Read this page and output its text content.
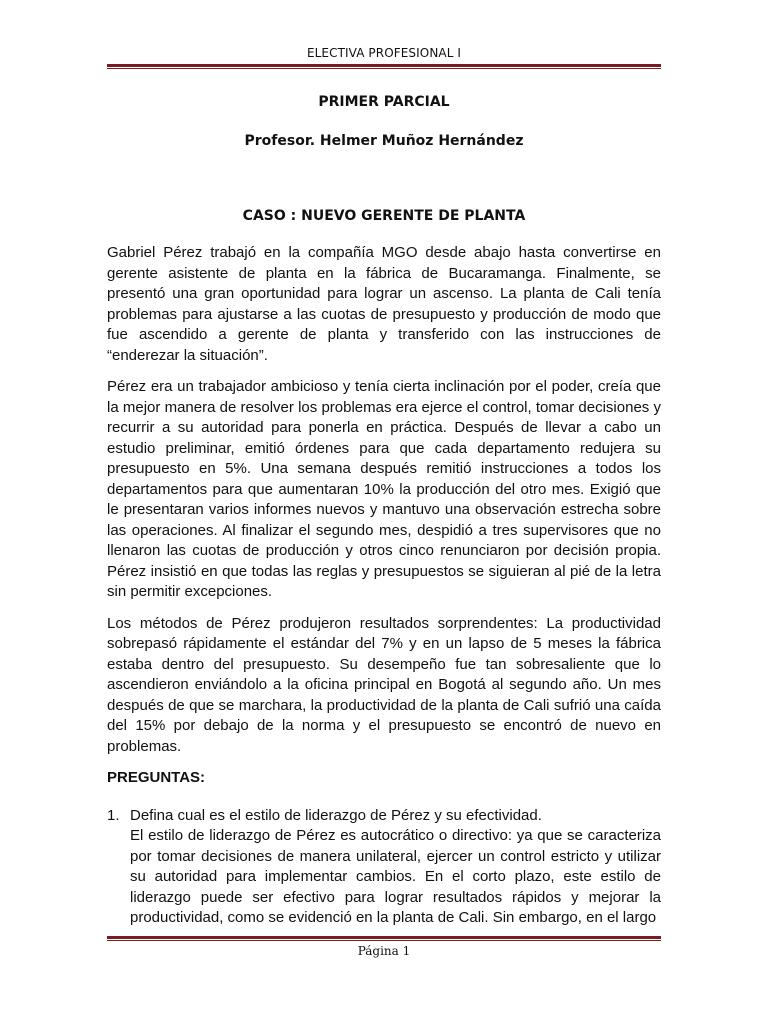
ELECTIVA PROFESIONAL I
PRIMER PARCIAL
Profesor. Helmer Muñoz Hernández
CASO : NUEVO GERENTE DE PLANTA

Gabriel Pérez trabajó en la compañía MGO desde abajo hasta convertirse en gerente asistente de planta en la fábrica de Bucaramanga. Finalmente, se presentó una gran oportunidad para lograr un ascenso. La planta de Cali tenía problemas para ajustarse a las cuotas de presupuesto y producción de modo que fue ascendido a gerente de planta y transferido con las instrucciones de “enderezar la situación”.

Pérez era un trabajador ambicioso y tenía cierta inclinación por el poder, creía que la mejor manera de resolver los problemas era ejerce el control, tomar decisiones y recurrir a su autoridad para ponerla en práctica. Después de llevar a cabo un estudio preliminar, emitió órdenes para que cada departamento redujera su presupuesto en 5%. Una semana después remitió instrucciones a todos los departamentos para que aumentaran 10% la producción del otro mes. Exigió que le presentaran varios informes nuevos y mantuvo una observación estrecha sobre las operaciones. Al finalizar el segundo mes, despidió a tres supervisores que no llenaron las cuotas de producción y otros cinco renunciaron por decisión propia. Pérez insistió en que todas las reglas y presupuestos se siguieran al pié de la letra sin permitir excepciones.

Los métodos de Pérez produjeron resultados sorprendentes: La productividad sobrepasó rápidamente el estándar del 7% y en un lapso de 5 meses la fábrica estaba dentro del presupuesto. Su desempeño fue tan sobresaliente que lo ascendieron enviándolo a la oficina principal en Bogotá al segundo año. Un mes después de que se marchara, la productividad de la planta de Cali sufrió una caída del 15% por debajo de la norma y el presupuesto se encontró de nuevo en problemas.

PREGUNTAS:

1. Defina cual es el estilo de liderazgo de Pérez y su efectividad.
El estilo de liderazgo de Pérez es autocrático o directivo: ya que se caracteriza por tomar decisiones de manera unilateral, ejercer un control estricto y utilizar su autoridad para implementar cambios. En el corto plazo, este estilo de liderazgo puede ser efectivo para lograr resultados rápidos y mejorar la productividad, como se evidenció en la planta de Cali. Sin embargo, en el largo
Página 1
